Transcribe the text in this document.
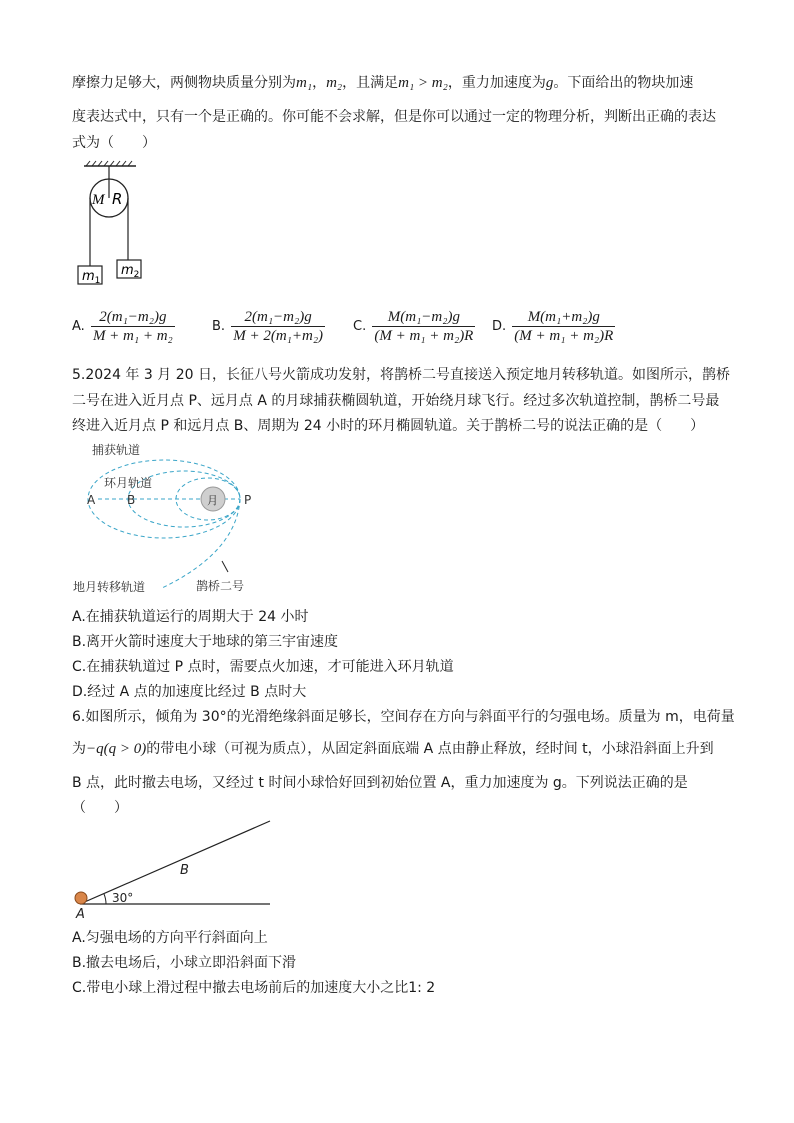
摩擦力足够大，两侧物块质量分别为m₁，m₂，且满足m₁ > m₂，重力加速度为g。下面给出的物块加速
度表达式中，只有一个是正确的。你可能不会求解，但是你可以通过一定的物理分析，判断出正确的表达
式为（　　）
M R
$m_1$
$m_2$
A. $\frac{\text{2(m₁−m₂)g}}{\text{M + m₁ + m₂}}$	B. $\frac{\text{2(m₁−m₂)g}}{\text{M + 2(m₁+m₂)}} C$. $\frac{\text{M(m₁−m₂)g}}{\text{(M + m₁ + m₂)R}} D$. $\frac{\text{M(m₁+m₂)g}}{\text{(M + m₁ + m₂)R}}$
5.2024 年 3 月 20 日，长征八号火箭成功发射，将鹊桥二号直接送入预定地月转移轨道。如图所示，鹊桥
二号在进入近月点 P、远月点 A 的月球捕获椭圆轨道，开始绕月球飞行。经过多次轨道控制，鹊桥二号最
终进入近月点 P 和远月点 B、周期为 24 小时的环月椭圆轨道。关于鹊桥二号的说法正确的是（　　）
捕获轨道
环月轨道
A	B	P
月
地月转移轨道	鹊桥二号
A.在捕获轨道运行的周期大于 24 小时
B.离开火箭时速度大于地球的第三宇宙速度
C.在捕获轨道过 P 点时，需要点火加速，才可能进入环月轨道
D.经过 A 点的加速度比经过 B 点时大
6.如图所示，倾角为 30°的光滑绝缘斜面足够长，空间存在方向与斜面平行的匀强电场。质量为 m，电荷量
为−q(q > 0)的带电小球（可视为质点），从固定斜面底端 A 点由静止释放，经时间 t，小球沿斜面上升到
B 点，此时撤去电场，又经过 t 时间小球恰好回到初始位置 A，重力加速度为 g。下列说法正确的是
（　　）
30°
A
B
A.匀强电场的方向平行斜面向上
B.撤去电场后，小球立即沿斜面下滑
C.带电小球上滑过程中撤去电场前后的加速度大小之比1: 2
